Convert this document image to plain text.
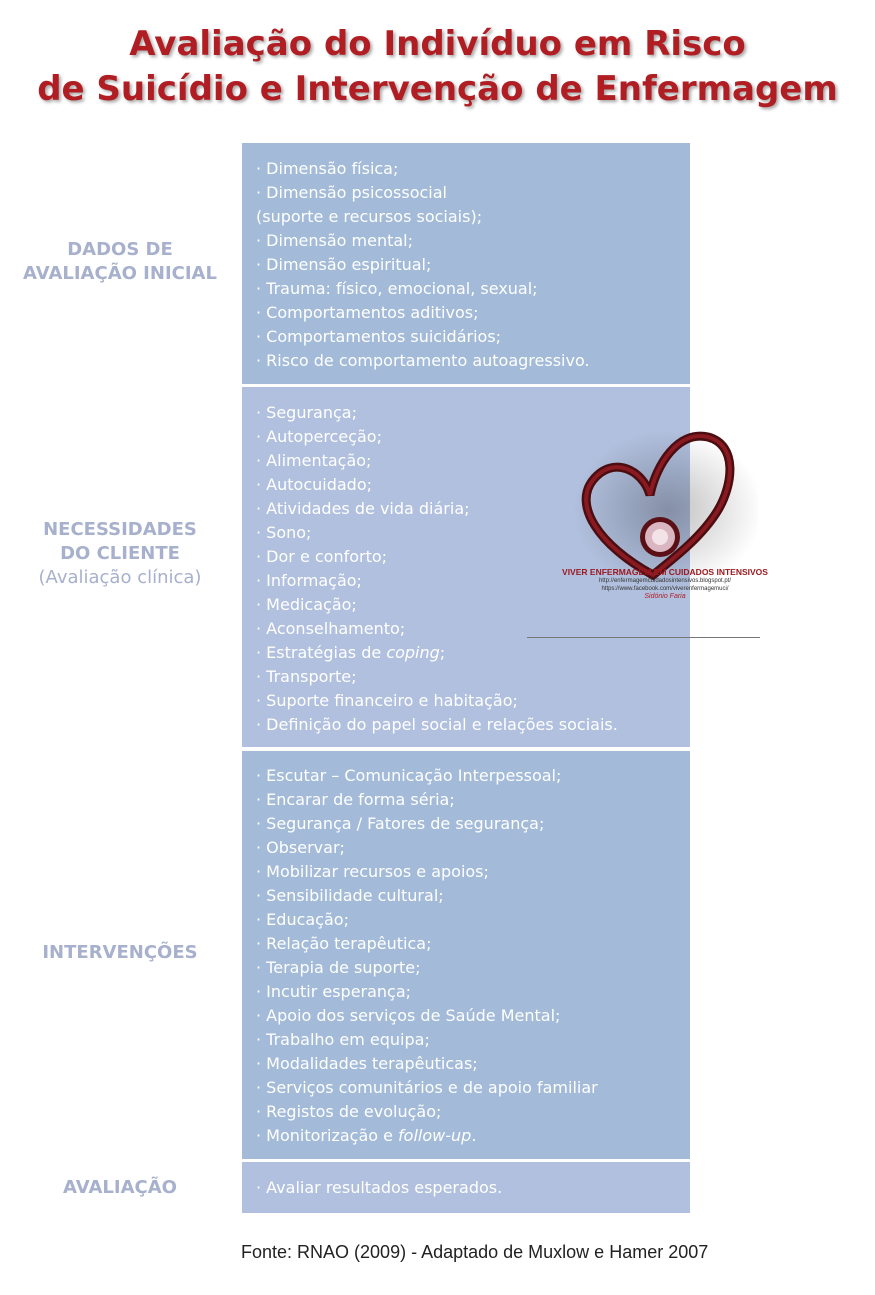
Avaliação do Indivíduo em Risco
de Suicídio e Intervenção de Enfermagem
DADOS DE
AVALIAÇÃO INICIAL
NECESSIDADES
DO CLIENTE
(Avaliação clínica)
INTERVENÇÕES
AVALIAÇÃO
· Dimensão física;
· Dimensão psicossocial
(suporte e recursos sociais);
· Dimensão mental;
· Dimensão espiritual;
· Trauma: físico, emocional, sexual;
· Comportamentos aditivos;
· Comportamentos suicidários;
· Risco de comportamento autoagressivo.
· Segurança;
· Autoperceção;
· Alimentação;
· Autocuidado;
· Atividades de vida diária;
· Sono;
· Dor e conforto;
· Informação;
· Medicação;
· Aconselhamento;
· Estratégias de coping;
· Transporte;
· Suporte financeiro e habitação;
· Definição do papel social e relações sociais.
· Escutar – Comunicação Interpessoal;
· Encarar de forma séria;
· Segurança / Fatores de segurança;
· Observar;
· Mobilizar recursos e apoios;
· Sensibilidade cultural;
· Educação;
· Relação terapêutica;
· Terapia de suporte;
· Incutir esperança;
· Apoio dos serviços de Saúde Mental;
· Trabalho em equipa;
· Modalidades terapêuticas;
· Serviços comunitários e de apoio familiar
· Registos de evolução;
· Monitorização e follow-up.
· Avaliar resultados esperados.
VIVER ENFERMAGEM EM CUIDADOS INTENSIVOS
http://enfermagemcuidadosintensivos.blogspot.pt/
https://www.facebook.com/viverenfermagemuci/
Sidónio Faria
Fonte: RNAO (2009) - Adaptado de Muxlow e Hamer 2007
